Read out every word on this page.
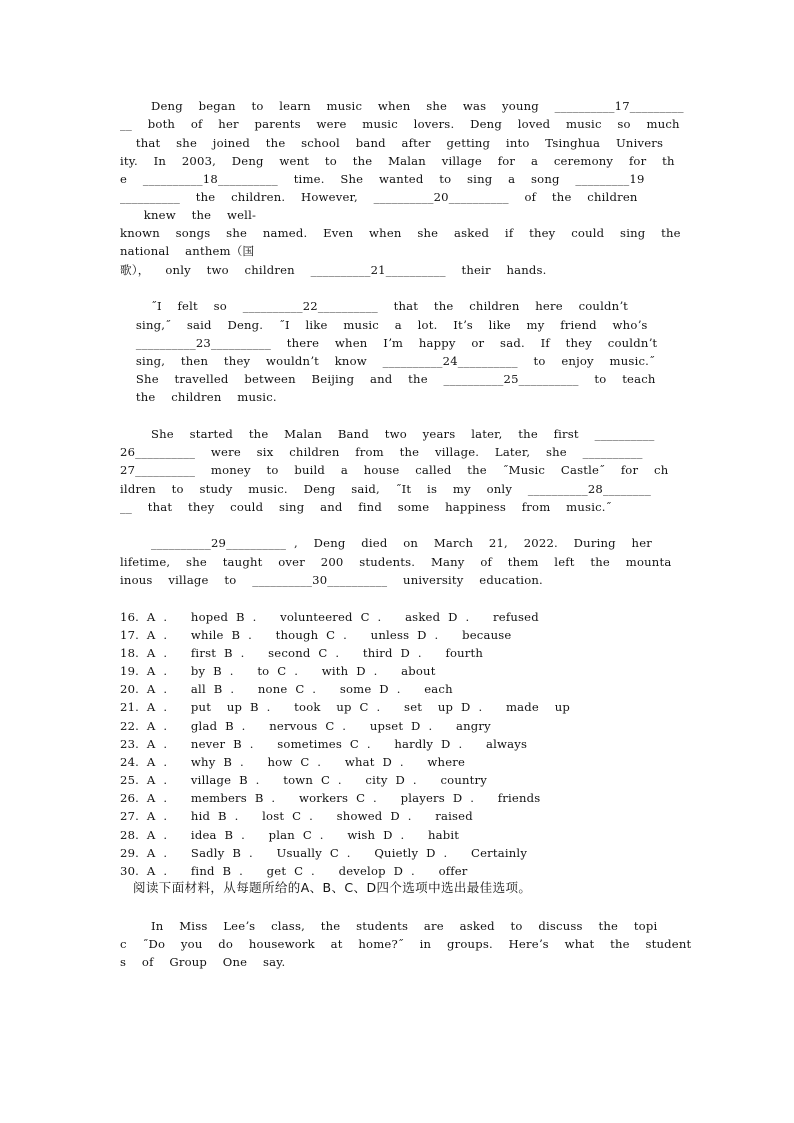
Deng  began  to  learn  music  when  she  was  young  __________17_________
__  both  of  her  parents  were  music  lovers.  Deng  loved  music  so  much
that  she  joined  the  school  band  after  getting  into  Tsinghua  Univers
ity.  In  2003,  Deng  went  to  the  Malan  village  for  a  ceremony  for  th
e  __________18__________  time.  She  wanted  to  sing  a  song  _________19
__________  the  children.  However,  __________20__________  of  the  children
knew  the  well-
known  songs  she  named.  Even  when  she  asked  if  they  could  sing  the
national  anthem（国
歌），  only  two  children  __________21__________  their  hands.
˝I  felt  so  __________22__________  that  the  children  here  couldnʼt
sing,˝  said  Deng.  ˝I  like  music  a  lot.  Itʼs  like  my  friend  whoʼs
__________23__________  there  when  Iʼm  happy  or  sad.  If  they  couldnʼt
sing,  then  they  wouldnʼt  know  __________24__________  to  enjoy  music.˝
She  travelled  between  Beijing  and  the  __________25__________  to  teach
the  children  music.
She  started  the  Malan  Band  two  years  later,  the  first  __________
26__________  were  six  children  from  the  village.  Later,  she  __________
27__________  money  to  build  a  house  called  the  ˝Music  Castle˝  for  ch
ildren  to  study  music.  Deng  said,  ˝It  is  my  only  __________28________
__  that  they  could  sing  and  find  some  happiness  from  music.˝
__________29__________ ,  Deng  died  on  March  21,  2022.  During  her
lifetime,  she  taught  over  200  students.  Many  of  them  left  the  mounta
inous  village  to  __________30__________  university  education.
16. A .   hoped B .   volunteered C .   asked D .   refused
17. A .   while B .   though C .   unless D .   because
18. A .   first B .   second C .   third D .   fourth
19. A .   by B .   to C .   with D .   about
20. A .   all B .   none C .   some D .   each
21. A .   put  up B .   took  up C .   set  up D .   made  up
22. A .   glad B .   nervous C .   upset D .   angry
23. A .   never B .   sometimes C .   hardly D .   always
24. A .   why B .   how C .   what D .   where
25. A .   village B .   town C .   city D .   country
26. A .   members B .   workers C .   players D .   friends
27. A .   hid B .   lost C .   showed D .   raised
28. A .   idea B .   plan C .   wish D .   habit
29. A .   Sadly B .   Usually C .   Quietly D .   Certainly
30. A .   find B .   get C .   develop D .   offer
阅读下面材料，从每题所给的A、B、C、D四个选项中选出最佳选项。
In  Miss  Leeʼs  class,  the  students  are  asked  to  discuss  the  topi
c  ˝Do  you  do  housework  at  home?˝  in  groups.  Hereʼs  what  the  student
s  of  Group  One  say.
